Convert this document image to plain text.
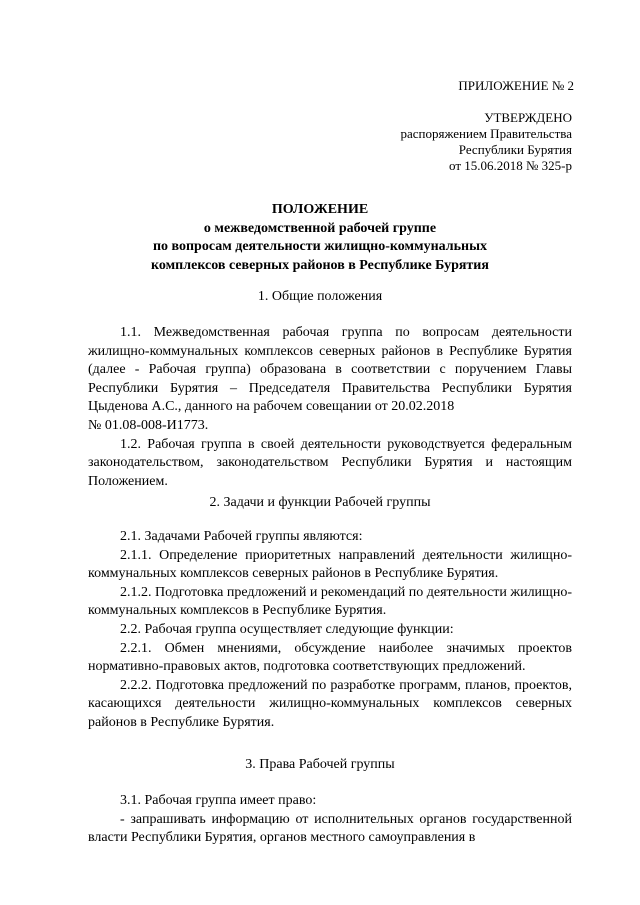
ПРИЛОЖЕНИЕ № 2
УТВЕРЖДЕНО
распоряжением Правительства
Республики Бурятия
от 15.06.2018 № 325-р
ПОЛОЖЕНИЕ
о межведомственной рабочей группе
по вопросам деятельности жилищно-коммунальных
комплексов северных районов в Республике Бурятия
1. Общие положения

1.1. Межведомственная рабочая группа по вопросам деятельности жилищно-коммунальных комплексов северных районов в Республике Бурятия (далее - Рабочая группа) образована в соответствии с поручением Главы Республики Бурятия – Председателя Правительства Республики Бурятия Цыденова А.С., данного на рабочем совещании от 20.02.2018

№ 01.08-008-И1773.

1.2. Рабочая группа в своей деятельности руководствуется федеральным законодательством, законодательством Республики Бурятия и настоящим Положением.

2. Задачи и функции Рабочей группы

2.1. Задачами Рабочей группы являются:

2.1.1. Определение приоритетных направлений деятельности жилищно-коммунальных комплексов северных районов в Республике Бурятия.

2.1.2. Подготовка предложений и рекомендаций по деятельности жилищно-коммунальных комплексов в Республике Бурятия.

2.2. Рабочая группа осуществляет следующие функции:

2.2.1. Обмен мнениями, обсуждение наиболее значимых проектов нормативно-правовых актов, подготовка соответствующих предложений.

2.2.2. Подготовка предложений по разработке программ, планов, проектов, касающихся деятельности жилищно-коммунальных комплексов северных районов в Республике Бурятия.

3. Права Рабочей группы

3.1. Рабочая группа имеет право:

- запрашивать информацию от исполнительных органов государственной власти Республики Бурятия, органов местного самоуправления в
